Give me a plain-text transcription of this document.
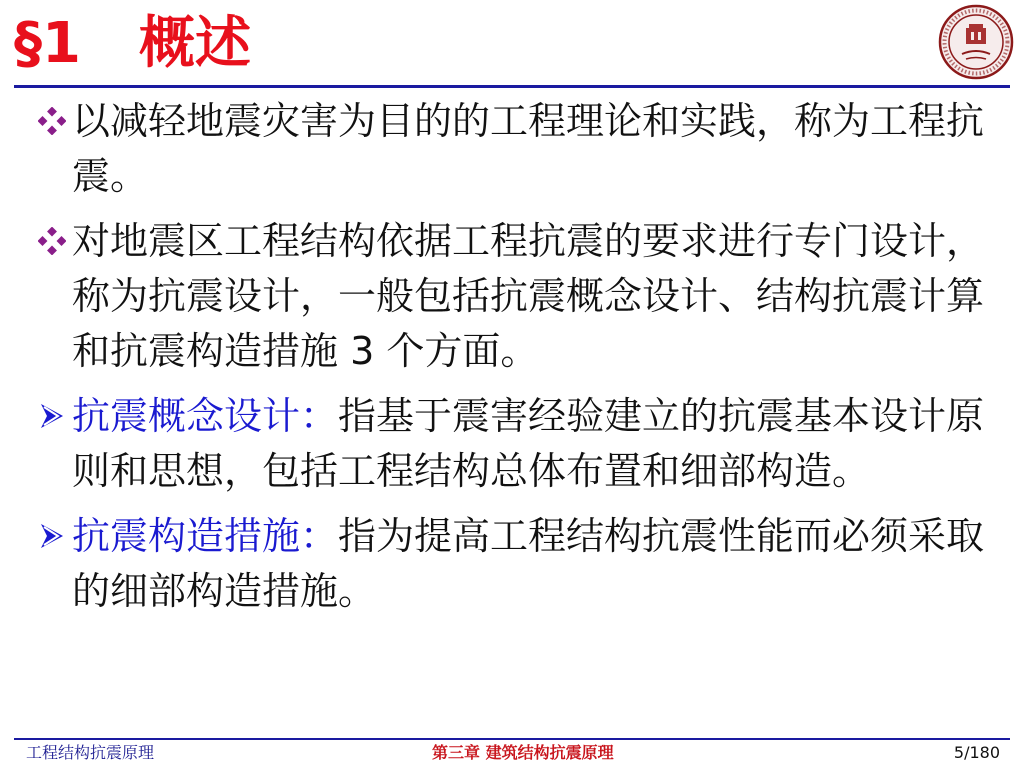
§1 概述
以减轻地震灾害为目的的工程理论和实践，称为工程抗震。
对地震区工程结构依据工程抗震的要求进行专门设计，称为抗震设计，一般包括抗震概念设计、结构抗震计算和抗震构造措施 3 个方面。
抗震概念设计：指基于震害经验建立的抗震基本设计原则和思想，包括工程结构总体布置和细部构造。
抗震构造措施：指为提高工程结构抗震性能而必须采取的细部构造措施。
工程结构抗震原理	第三章 建筑结构抗震原理	5/180
